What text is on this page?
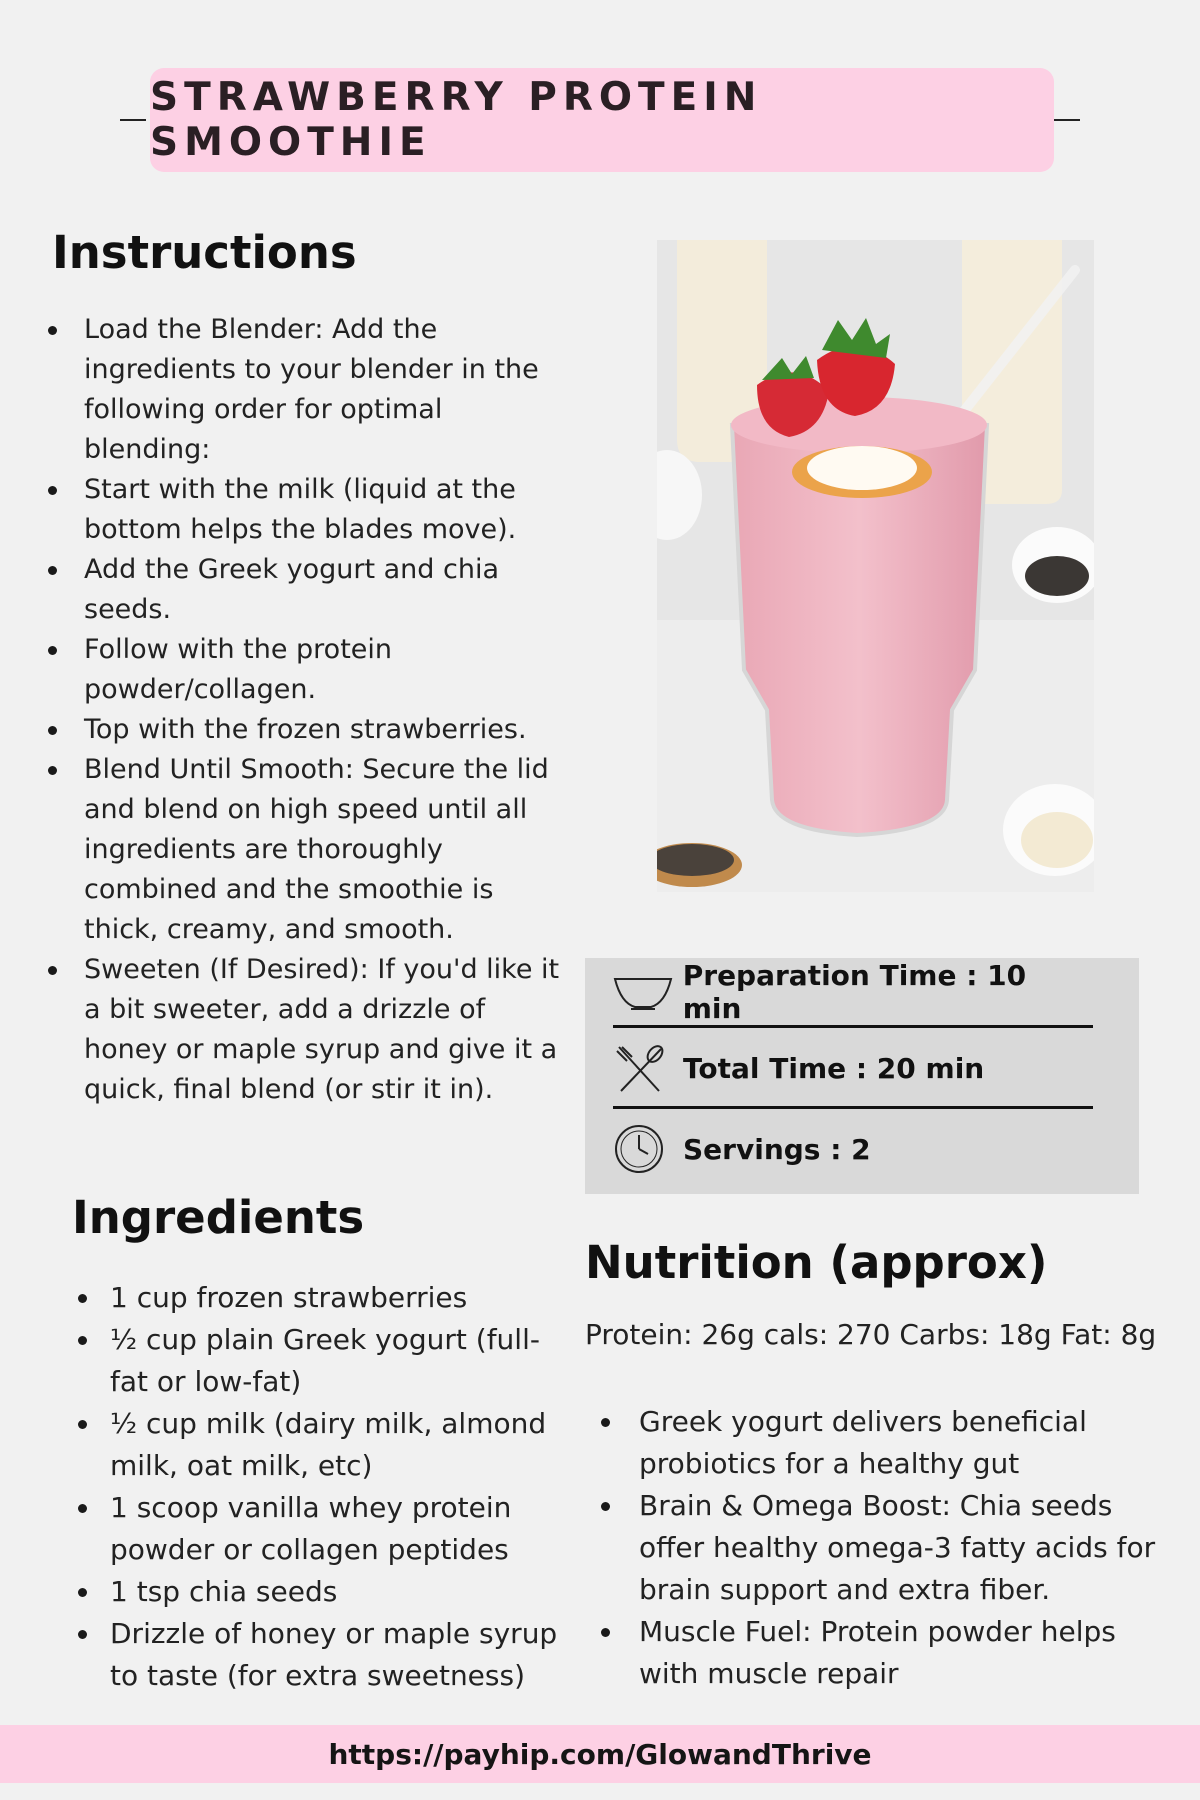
STRAWBERRY PROTEIN SMOOTHIE
Instructions
Load the Blender: Add the ingredients to your blender in the following order for optimal blending:
Start with the milk (liquid at the bottom helps the blades move).
Add the Greek yogurt and chia seeds.
Follow with the protein powder/collagen.
Top with the frozen strawberries.
Blend Until Smooth: Secure the lid and blend on high speed until all ingredients are thoroughly combined and the smoothie is thick, creamy, and smooth.
Sweeten (If Desired): If you'd like it a bit sweeter, add a drizzle of honey or maple syrup and give it a quick, final blend (or stir it in).
Preparation Time : 10 min
Total Time : 20 min
Servings : 2
Ingredients
1 cup frozen strawberries
½ cup plain Greek yogurt (full-fat or low-fat)
½ cup milk (dairy milk, almond milk, oat milk, etc)
1 scoop vanilla whey protein powder or collagen peptides
1 tsp chia seeds
Drizzle of honey or maple syrup to taste (for extra sweetness)
Nutrition (approx)
Protein: 26g cals: 270 Carbs: 18g Fat: 8g
Greek yogurt delivers beneficial probiotics for a healthy gut
Brain & Omega Boost: Chia seeds offer healthy omega-3 fatty acids for brain support and extra fiber.
Muscle Fuel: Protein powder helps with muscle repair
https://payhip.com/GlowandThrive
